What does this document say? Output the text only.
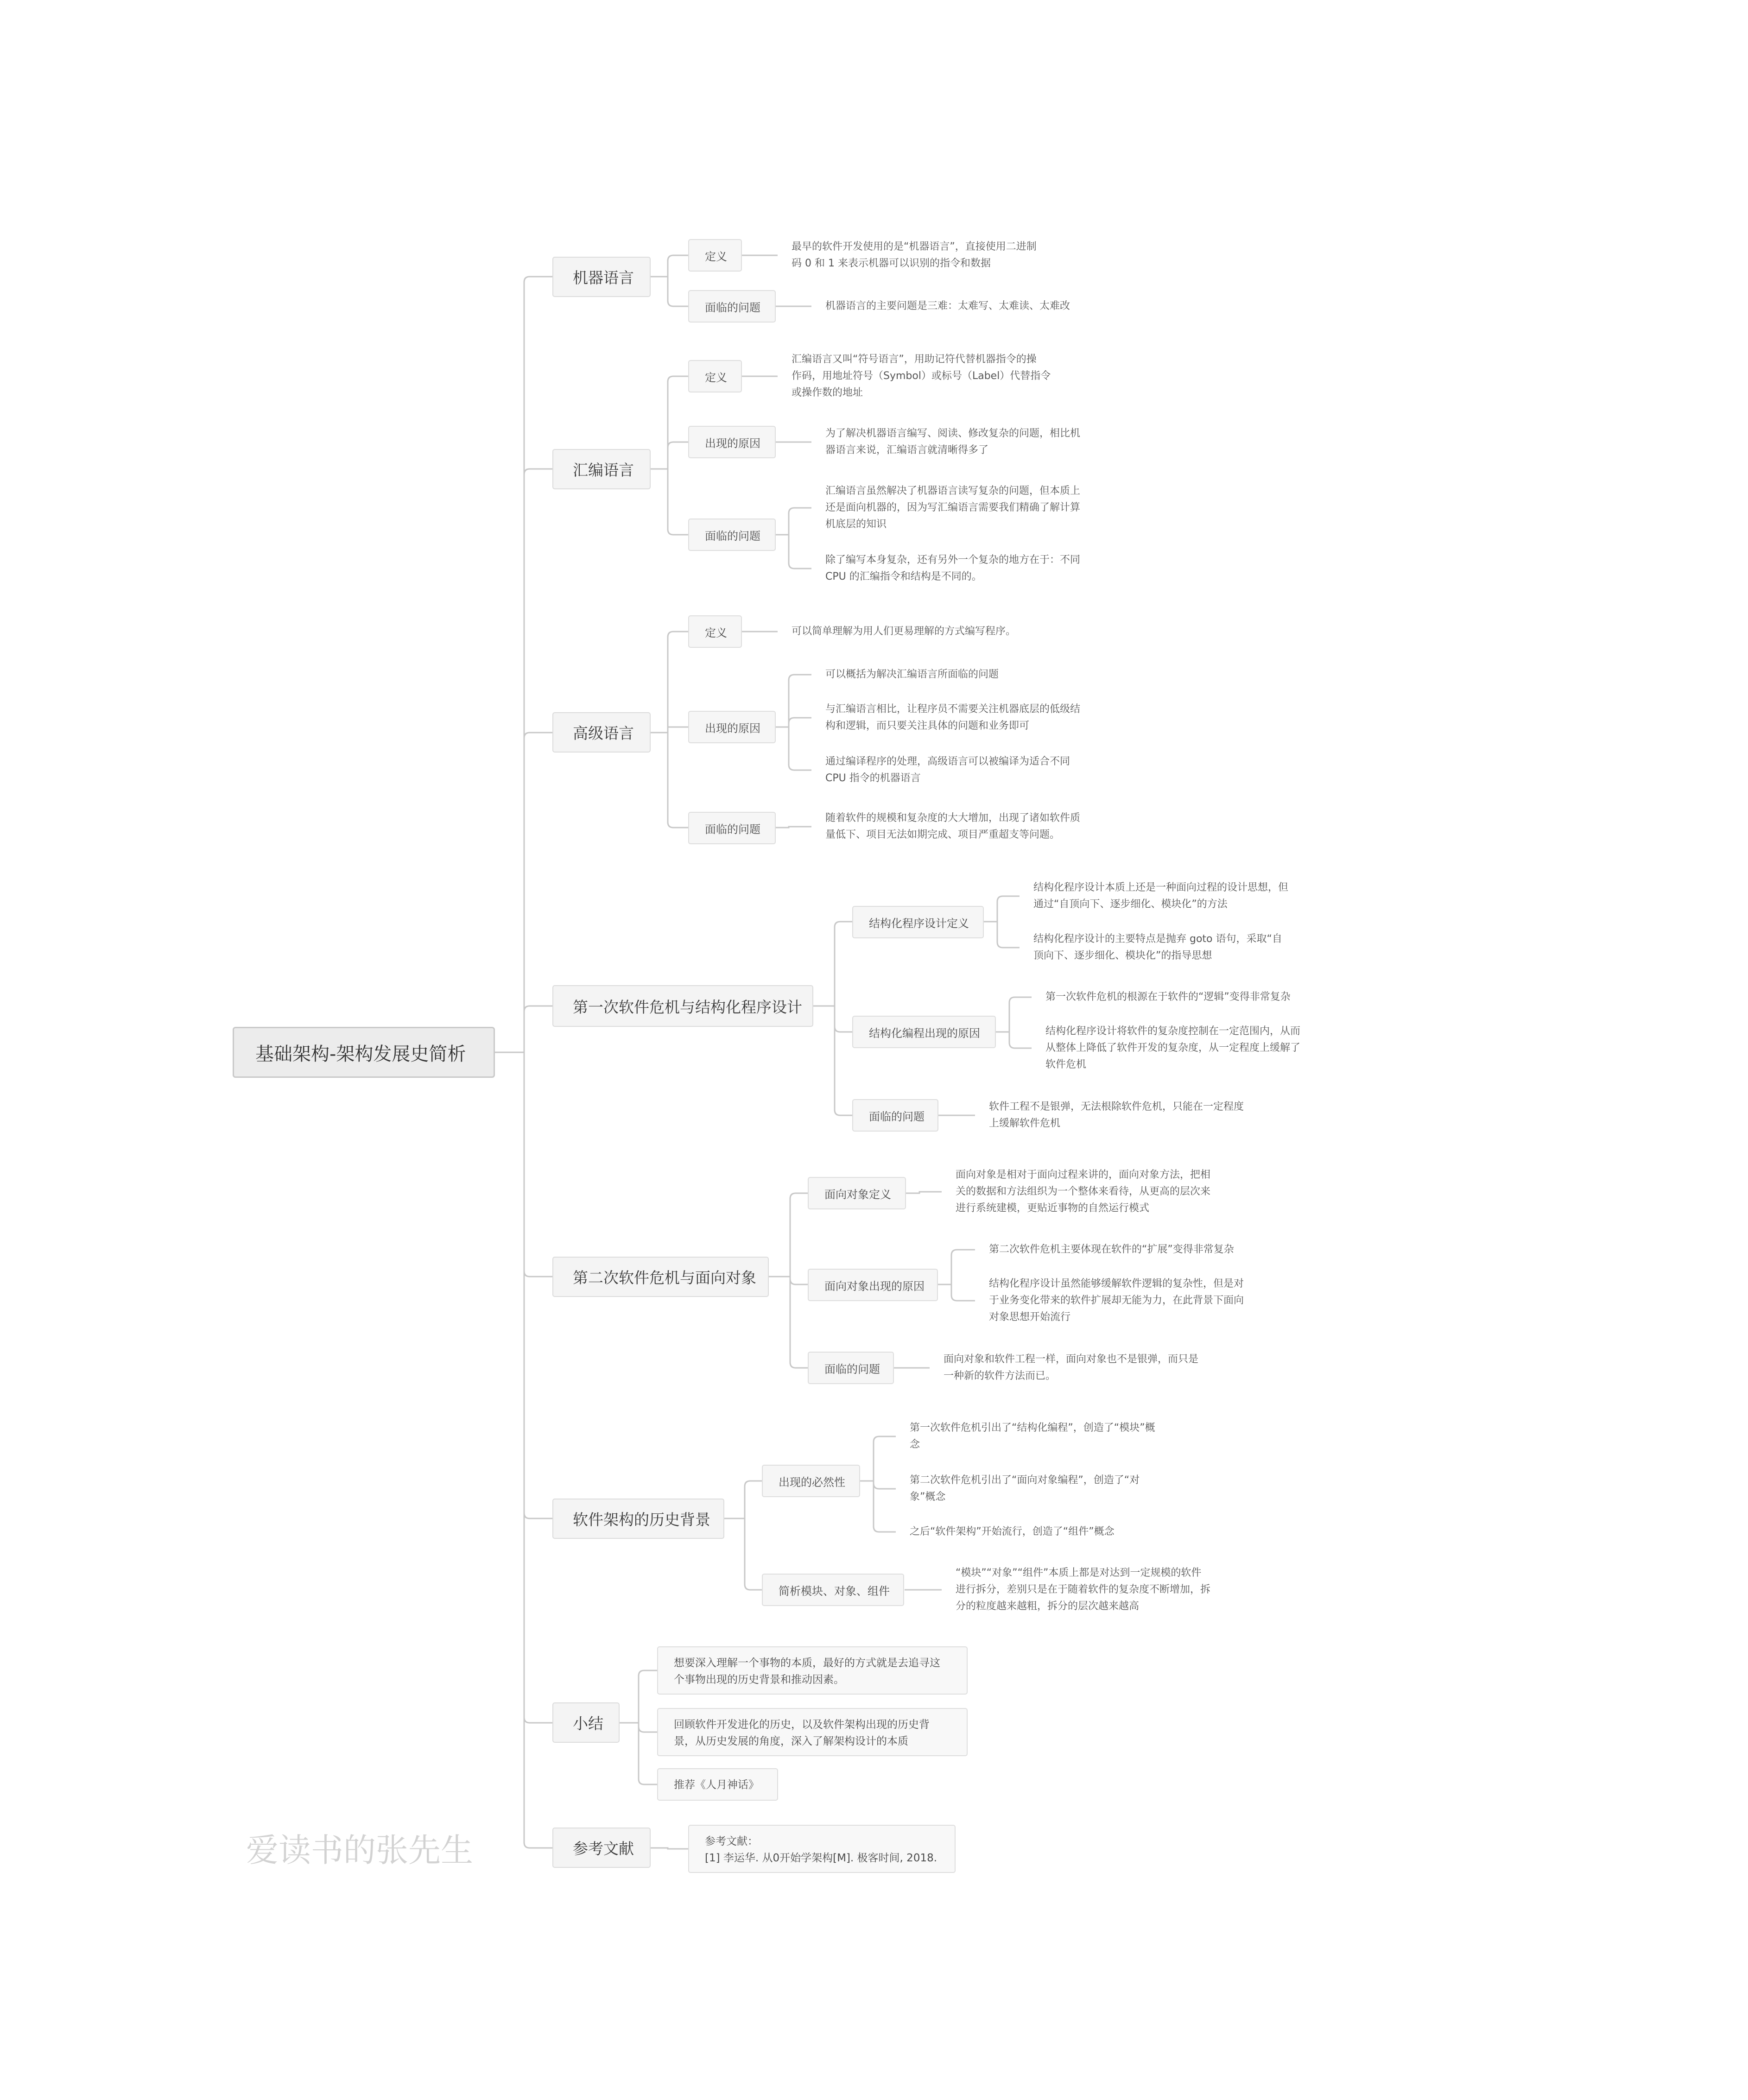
基础架构-架构发展史简析
机器语言
定义
最早的软件开发使用的是“机器语言”，直接使用二进制
码 0 和 1 来表示机器可以识别的指令和数据
面临的问题	机器语言的主要问题是三难：太难写、太难读、太难改
汇编语言
定义
汇编语言又叫“符号语言”，用助记符代替机器指令的操
作码，用地址符号（Symbol）或标号（Label）代替指令
或操作数的地址
出现的原因
为了解决机器语言编写、阅读、修改复杂的问题，相比机
器语言来说，汇编语言就清晰得多了
面临的问题
汇编语言虽然解决了机器语言读写复杂的问题，但本质上
还是面向机器的，因为写汇编语言需要我们精确了解计算
机底层的知识
除了编写本身复杂，还有另外一个复杂的地方在于：不同
CPU 的汇编指令和结构是不同的。
高级语言
定义	可以简单理解为用人们更易理解的方式编写程序。
出现的原因
可以概括为解决汇编语言所面临的问题
与汇编语言相比，让程序员不需要关注机器底层的低级结
构和逻辑，而只要关注具体的问题和业务即可
通过编译程序的处理，高级语言可以被编译为适合不同
CPU 指令的机器语言
面临的问题
随着软件的规模和复杂度的大大增加，出现了诸如软件质
量低下、项目无法如期完成、项目严重超支等问题。
第一次软件危机与结构化程序设计
结构化程序设计定义
结构化程序设计本质上还是一种面向过程的设计思想，但
通过“自顶向下、逐步细化、模块化”的方法
结构化程序设计的主要特点是抛弃 goto 语句，采取“自
顶向下、逐步细化、模块化”的指导思想
结构化编程出现的原因
第一次软件危机的根源在于软件的“逻辑”变得非常复杂
结构化程序设计将软件的复杂度控制在一定范围内，从而
从整体上降低了软件开发的复杂度，从一定程度上缓解了
软件危机
面临的问题
软件工程不是银弹，无法根除软件危机，只能在一定程度
上缓解软件危机
第二次软件危机与面向对象
面向对象定义
面向对象是相对于面向过程来讲的，面向对象方法，把相
关的数据和方法组织为一个整体来看待，从更高的层次来
进行系统建模，更贴近事物的自然运行模式
面向对象出现的原因
第二次软件危机主要体现在软件的“扩展”变得非常复杂
结构化程序设计虽然能够缓解软件逻辑的复杂性，但是对
于业务变化带来的软件扩展却无能为力，在此背景下面向
对象思想开始流行
面临的问题
面向对象和软件工程一样，面向对象也不是银弹，而只是
一种新的软件方法而已。
软件架构的历史背景
出现的必然性
第一次软件危机引出了“结构化编程”，创造了“模块”概
念
第二次软件危机引出了“面向对象编程”，创造了“对
象”概念
之后“软件架构”开始流行，创造了“组件”概念
简析模块、对象、组件
“模块”“对象”“组件”本质上都是对达到一定规模的软件
进行拆分，差别只是在于随着软件的复杂度不断增加，拆
分的粒度越来越粗，拆分的层次越来越高
小结
想要深入理解一个事物的本质，最好的方式就是去追寻这
个事物出现的历史背景和推动因素。
回顾软件开发进化的历史，以及软件架构出现的历史背
景，从历史发展的角度，深入了解架构设计的本质
推荐《人月神话》
参考文献	参考文献：
[1] 李运华. 从0开始学架构[M]. 极客时间, 2018.
爱读书的张先生
